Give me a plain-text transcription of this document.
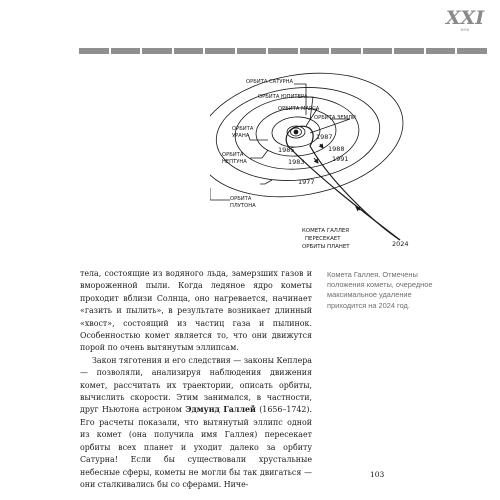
XXI
век
ОРБИТА САТУРНА
ОРБИТА ЮПИТЕРА
ОРБИТА МАРСА
ОРБИТА ЗЕМЛИ
ОРБИТА
УРАНА
ОРБИТА
НЕПТУНА
ОРБИТА
ПЛУТОНА
1985
1987
1988
1983	1991
1977
2024
КОМЕТА ГАЛЛЕЯ
ПЕРЕСЕКАЕТ
ОРБИТЫ ПЛАНЕТ

Комета Галлея. Отмечены положения кометы, очередное максимальное удаление приходится на 2024 год.

тела, состоящие из водяного льда, замерзших газов и вмороженной пыли. Когда ледяное ядро кометы проходит вблизи Солнца, оно нагревается, начинает «газить и пылить», в результате возникает длинный «хвост», состоящий из частиц газа и пылинок. Особенностью комет является то, что они движутся порой по очень вытянутым эллипсам.

Закон тяготения и его следствия — законы Кеплера — позволяли, анализируя наблюдения движения комет, рассчитать их траектории, описать орбиты, вычислить скорости. Этим занимался, в частности, друг Ньютона астроном Эдмунд Галлей (1656–1742). Его расчеты показали, что вытянутый эллипс одной из комет (она получила имя Галлея) пересекает орбиты всех планет и уходит далеко за орбиту Сатурна! Если бы существовали хрустальные небесные сферы, кометы не могли бы так двигаться — они сталкивались бы со сферами. Ниче-

103
